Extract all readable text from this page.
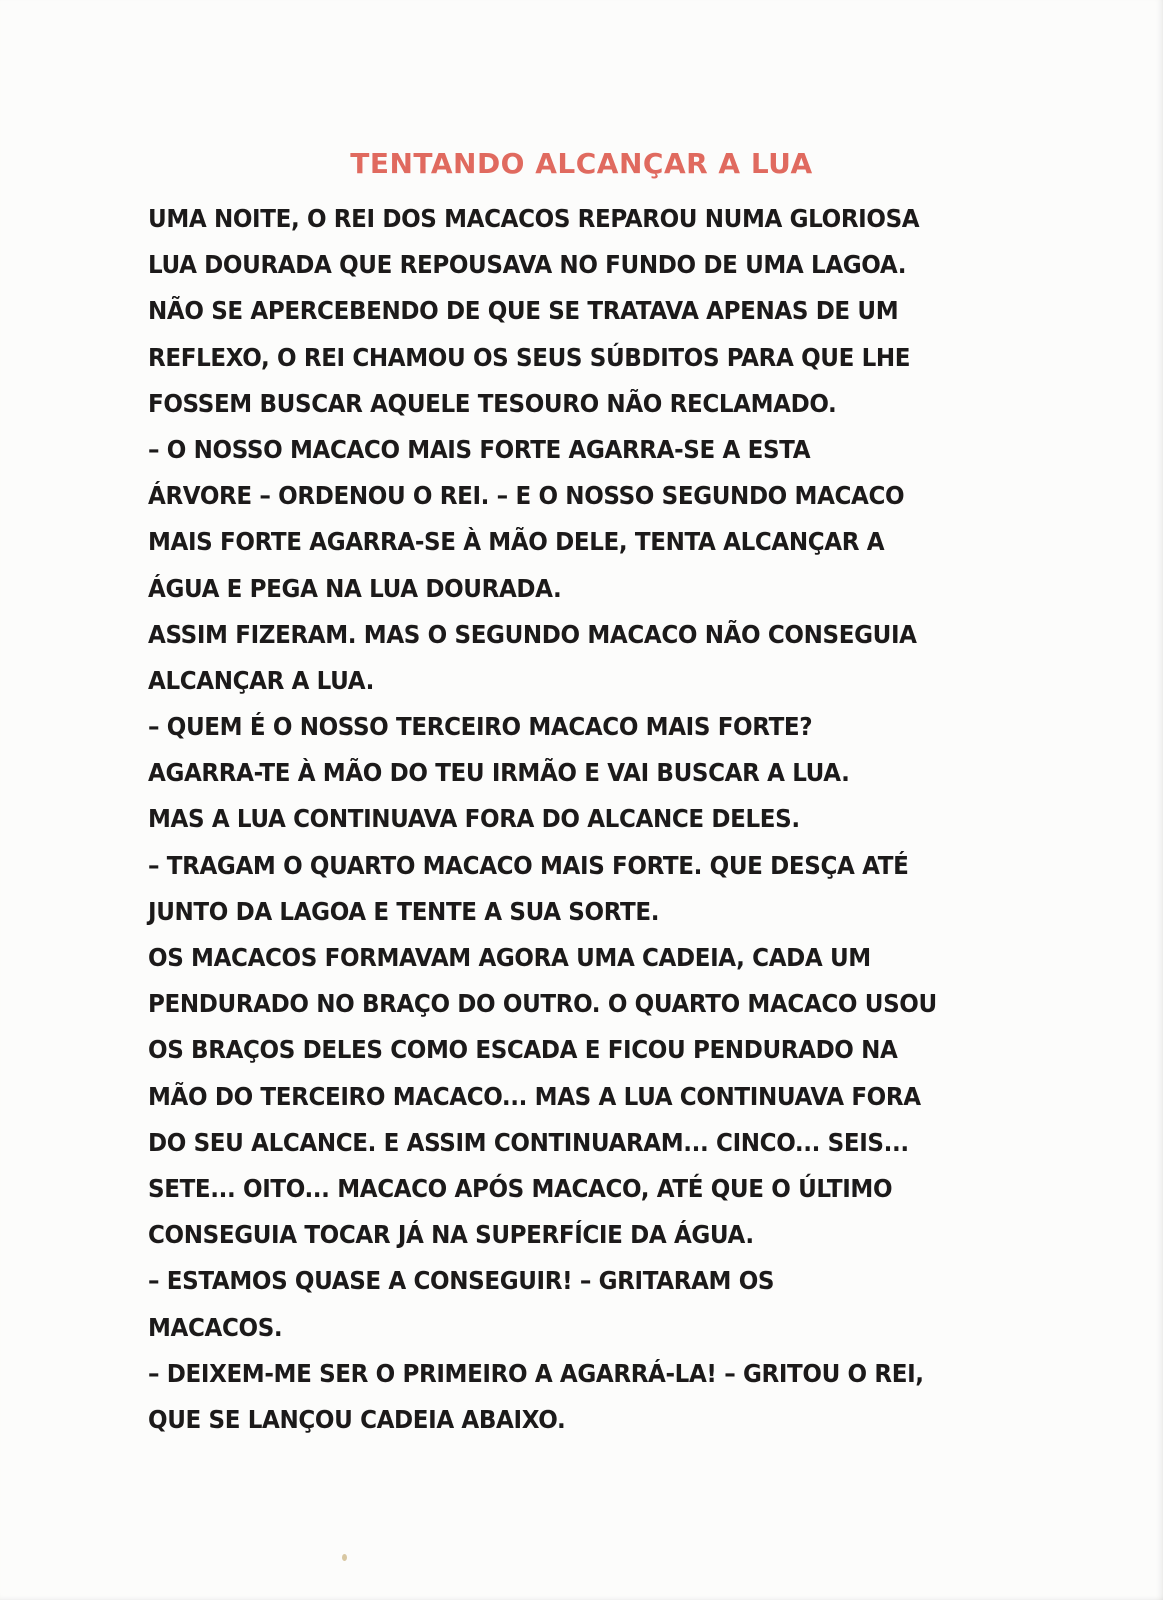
TENTANDO ALCANÇAR A LUA
UMA NOITE, O REI DOS MACACOS REPAROU NUMA GLORIOSA
LUA DOURADA QUE REPOUSAVA NO FUNDO DE UMA LAGOA.
NÃO SE APERCEBENDO DE QUE SE TRATAVA APENAS DE UM
REFLEXO, O REI CHAMOU OS SEUS SÚBDITOS PARA QUE LHE
FOSSEM BUSCAR AQUELE TESOURO NÃO RECLAMADO.
– O NOSSO MACACO MAIS FORTE AGARRA-SE A ESTA
ÁRVORE – ORDENOU O REI. – E O NOSSO SEGUNDO MACACO
MAIS FORTE AGARRA-SE À MÃO DELE, TENTA ALCANÇAR A
ÁGUA E PEGA NA LUA DOURADA.
ASSIM FIZERAM. MAS O SEGUNDO MACACO NÃO CONSEGUIA
ALCANÇAR A LUA.
– QUEM É O NOSSO TERCEIRO MACACO MAIS FORTE?
AGARRA-TE À MÃO DO TEU IRMÃO E VAI BUSCAR A LUA.
MAS A LUA CONTINUAVA FORA DO ALCANCE DELES.
– TRAGAM O QUARTO MACACO MAIS FORTE. QUE DESÇA ATÉ
JUNTO DA LAGOA E TENTE A SUA SORTE.
OS MACACOS FORMAVAM AGORA UMA CADEIA, CADA UM
PENDURADO NO BRAÇO DO OUTRO. O QUARTO MACACO USOU
OS BRAÇOS DELES COMO ESCADA E FICOU PENDURADO NA
MÃO DO TERCEIRO MACACO... MAS A LUA CONTINUAVA FORA
DO SEU ALCANCE. E ASSIM CONTINUARAM... CINCO... SEIS...
SETE... OITO... MACACO APÓS MACACO, ATÉ QUE O ÚLTIMO
CONSEGUIA TOCAR JÁ NA SUPERFÍCIE DA ÁGUA.
– ESTAMOS QUASE A CONSEGUIR! – GRITARAM OS
MACACOS.
– DEIXEM-ME SER O PRIMEIRO A AGARRÁ-LA! – GRITOU O REI,
QUE SE LANÇOU CADEIA ABAIXO.
